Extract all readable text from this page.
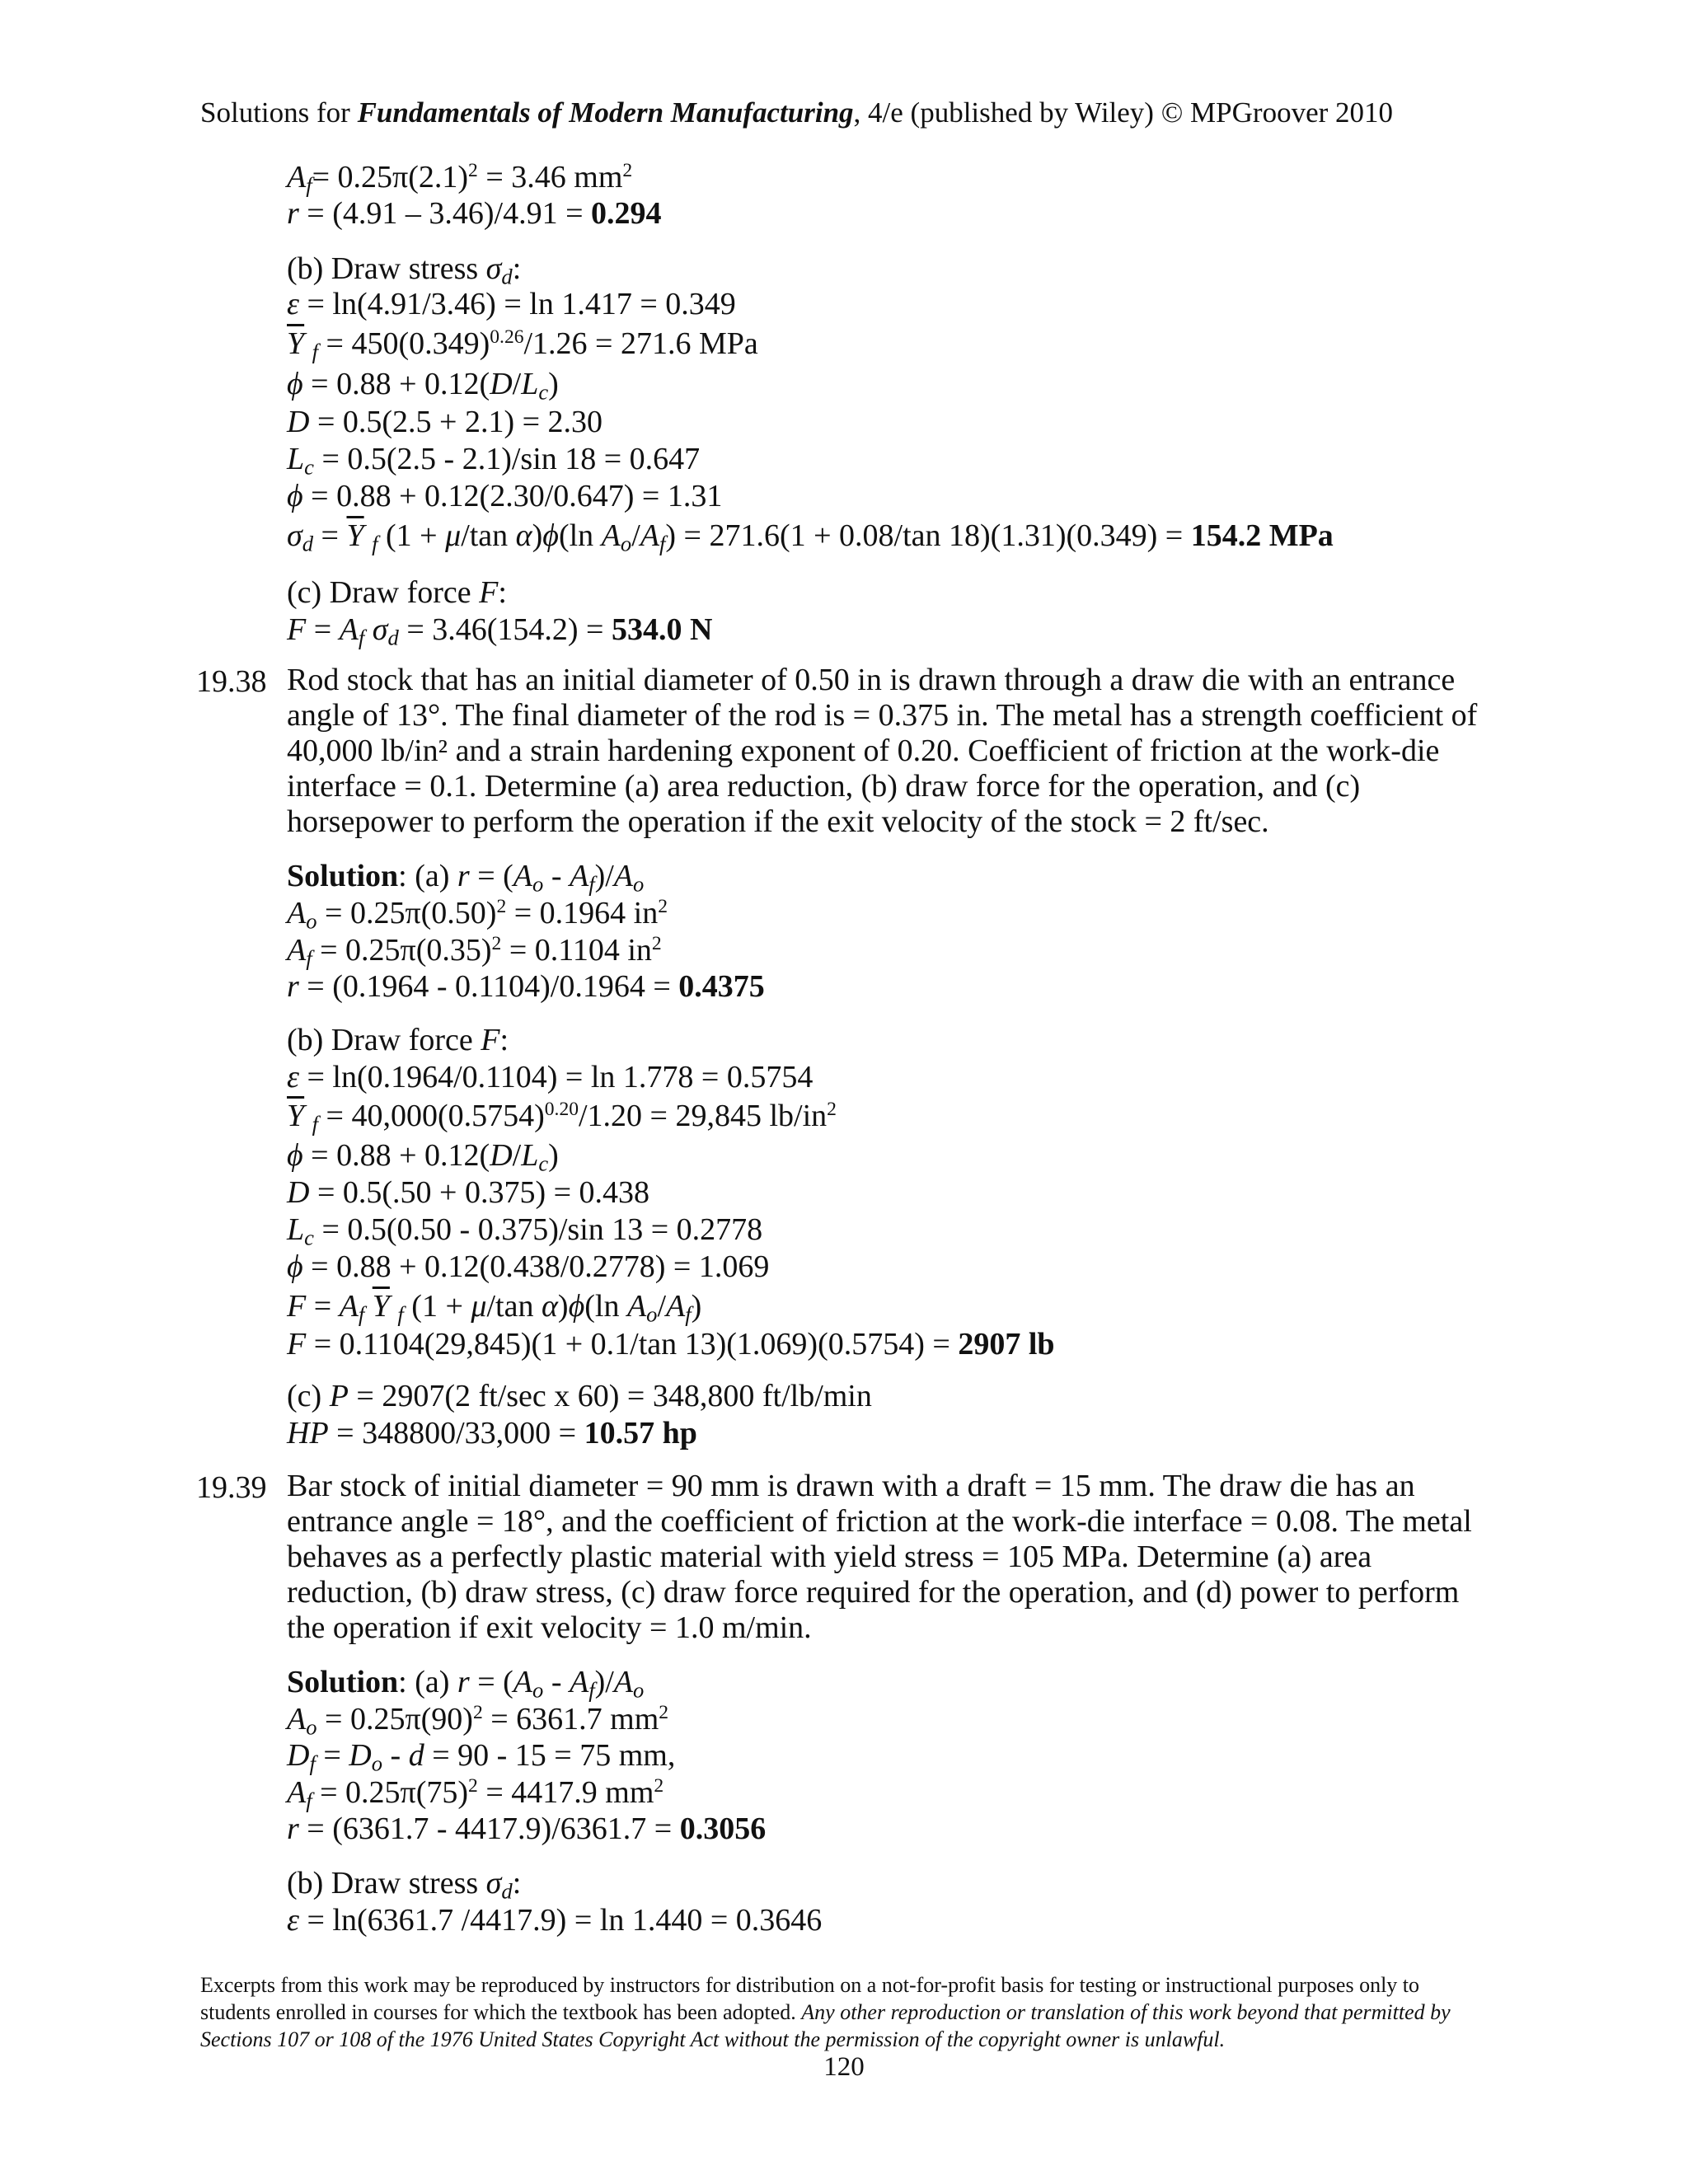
Solutions for Fundamentals of Modern Manufacturing, 4/e (published by Wiley) © MPGroover 2010
$A_f= 0.25\pi(2.1)^2 = 3.46$ $mm^2$
r = (4.91 – 3.46)/4.91 = 0.294
(b) Draw stress $\sigma_d$:
ε = ln(4.91/3.46) = ln 1.417 = 0.349
$\overline{Y}$ $_f = 450(0.349)^{0.26}/1.26 = 271.6$ MPa
$\phi = 0.88 + 0.12(D/L_c)$
D = 0.5(2.5 + 2.1) = 2.30
$L_c = 0.5(2.5 - 2.1)/\sin$ 18 = 0.647
ϕ = 0.88 + 0.12(2.30/0.647) = 1.31
$\sigma_d = \overline{Y}$ $_f$ (1 + μ/tan α)ϕ(ln $A_o/A_f) = 271.6(1 + 0.08/\tan$ 18)(1.31)(0.349) = 154.2 MPa
(c) Draw force F:
$F = A_f$ $\sigma_d = 3.46(154.2) = 534.0$ N
19.38 Rod stock that has an initial diameter of 0.50 in is drawn through a draw die with an entrance angle of 13°. The final diameter of the rod is = 0.375 in. The metal has a strength coefficient of 40,000 lb/in² and a strain hardening exponent of 0.20. Coefficient of friction at the work-die interface = 0.1. Determine (a) area reduction, (b) draw force for the operation, and (c) horsepower to perform the operation if the exit velocity of the stock = 2 ft/sec.
Solution: (a) $r = (A_o - A_f)/A_o$
$A_o = 0.25\pi(0.50)^2 = 0.1964$ $in^2$
$A_f = 0.25\pi(0.35)^2 = 0.1104$ $in^2$
r = (0.1964 - 0.1104)/0.1964 = 0.4375
(b) Draw force F:
ε = ln(0.1964/0.1104) = ln 1.778 = 0.5754
$\overline{Y}$ $_f = 40,000(0.5754)^{0.20}/1.20 = 29,845$ $lb/in^2$
$\phi = 0.88 + 0.12(D/L_c)$
D = 0.5(.50 + 0.375) = 0.438
$L_c = 0.5(0.50 - 0.375)/\sin$ 13 = 0.2778
ϕ = 0.88 + 0.12(0.438/0.2778) = 1.069
$F = A_f$ $\overline{Y}$ $_f$ (1 + μ/tan α)ϕ(ln $A_o/A_f$)
F = 0.1104(29,845)(1 + 0.1/tan 13)(1.069)(0.5754) = 2907 lb
(c) P = 2907(2 ft/sec x 60) = 348,800 ft/lb/min
HP = 348800/33,000 = 10.57 hp
19.39 Bar stock of initial diameter = 90 mm is drawn with a draft = 15 mm. The draw die has an entrance angle = 18°, and the coefficient of friction at the work-die interface = 0.08. The metal behaves as a perfectly plastic material with yield stress = 105 MPa. Determine (a) area reduction, (b) draw stress, (c) draw force required for the operation, and (d) power to perform the operation if exit velocity = 1.0 m/min.
Solution: (a) $r = (A_o - A_f)/A_o$
$A_o = 0.25\pi(90)^2 = 6361.7$ $mm^2$
$D_f = D_o - d = 90 - 15 = 75$ mm,
$A_f = 0.25\pi(75)^2 = 4417.9$ $mm^2$
r = (6361.7 - 4417.9)/6361.7 = 0.3056
(b) Draw stress $\sigma_d$:
ε = ln(6361.7 /4417.9) = ln 1.440 = 0.3646
Excerpts from this work may be reproduced by instructors for distribution on a not-for-profit basis for testing or instructional purposes only to students enrolled in courses for which the textbook has been adopted. Any other reproduction or translation of this work beyond that permitted by Sections 107 or 108 of the 1976 United States Copyright Act without the permission of the copyright owner is unlawful.
120
